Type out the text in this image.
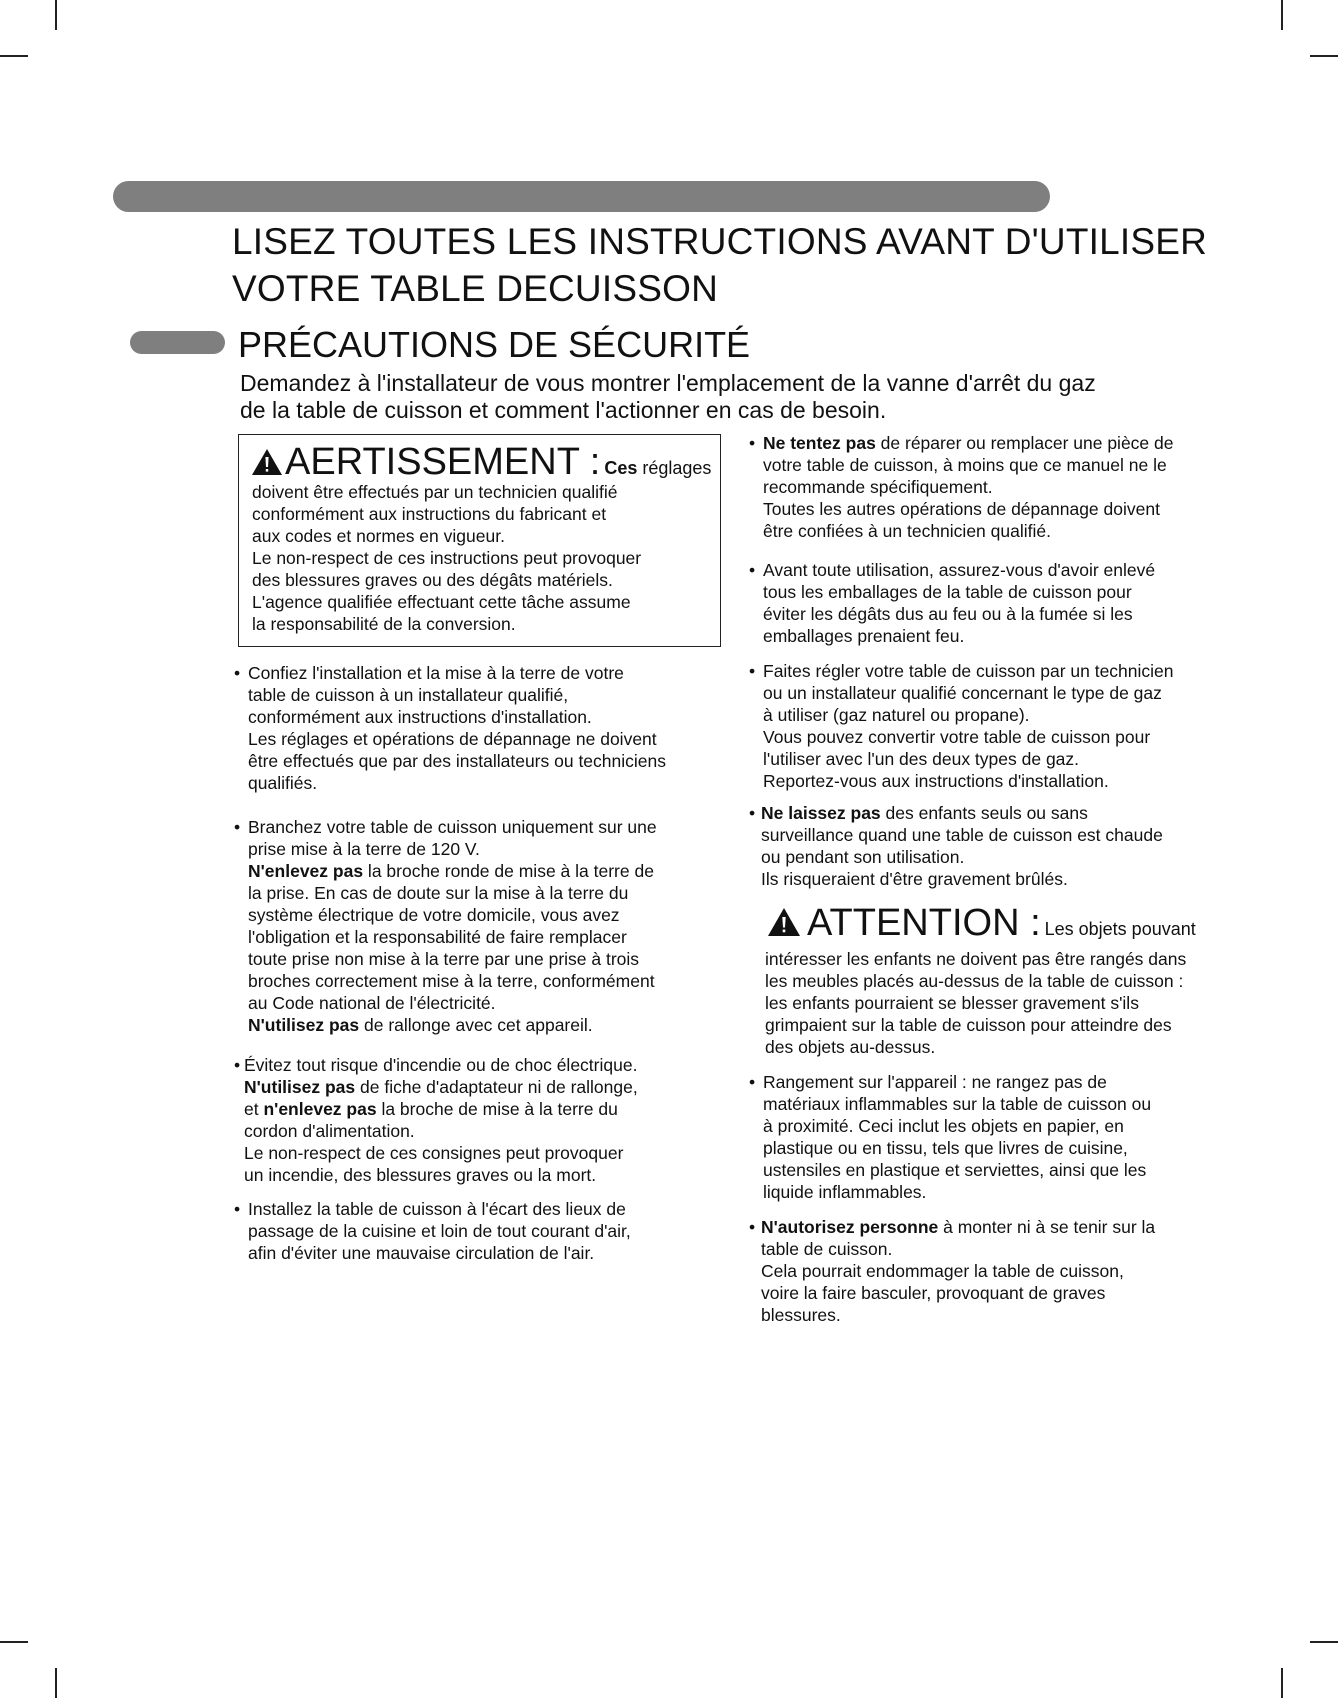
LISEZ TOUTES LES INSTRUCTIONS AVANT D'UTILISER
VOTRE TABLE DECUISSON
PRÉCAUTIONS DE SÉCURITÉ
Demandez à l'installateur de vous montrer l'emplacement de la vanne d'arrêt du gaz
de la table de cuisson et comment l'actionner en cas de besoin.
AERTISSEMENT : Ces réglages
doivent être effectués par un technicien qualifié
conformément aux instructions du fabricant et
aux codes et normes en vigueur.
Le non-respect de ces instructions peut provoquer
des blessures graves ou des dégâts matériels.
L'agence qualifiée effectuant cette tâche assume
la responsabilité de la conversion.
• Confiez l'installation et la mise à la terre de votre
table de cuisson à un installateur qualifié,
conformément aux instructions d'installation.
Les réglages et opérations de dépannage ne doivent
être effectués que par des installateurs ou techniciens
qualifiés.
• Branchez votre table de cuisson uniquement sur une
prise mise à la terre de 120 V.
N'enlevez pas la broche ronde de mise à la terre de
la prise. En cas de doute sur la mise à la terre du
système électrique de votre domicile, vous avez
l'obligation et la responsabilité de faire remplacer
toute prise non mise à la terre par une prise à trois
broches correctement mise à la terre, conformément
au Code national de l'électricité.
N'utilisez pas de rallonge avec cet appareil.
• Évitez tout risque d'incendie ou de choc électrique.
N'utilisez pas de fiche d'adaptateur ni de rallonge,
et n'enlevez pas la broche de mise à la terre du
cordon d'alimentation.
Le non-respect de ces consignes peut provoquer
un incendie, des blessures graves ou la mort.
• Installez la table de cuisson à l'écart des lieux de
passage de la cuisine et loin de tout courant d'air,
afin d'éviter une mauvaise circulation de l'air.
• Ne tentez pas de réparer ou remplacer une pièce de
votre table de cuisson, à moins que ce manuel ne le
recommande spécifiquement.
Toutes les autres opérations de dépannage doivent
être confiées à un technicien qualifié.
• Avant toute utilisation, assurez-vous d'avoir enlevé
tous les emballages de la table de cuisson pour
éviter les dégâts dus au feu ou à la fumée si les
emballages prenaient feu.
• Faites régler votre table de cuisson par un technicien
ou un installateur qualifié concernant le type de gaz
à utiliser (gaz naturel ou propane).
Vous pouvez convertir votre table de cuisson pour
l'utiliser avec l'un des deux types de gaz.
Reportez-vous aux instructions d'installation.
• Ne laissez pas des enfants seuls ou sans
surveillance quand une table de cuisson est chaude
ou pendant son utilisation.
Ils risqueraient d'être gravement brûlés.
• Rangement sur l'appareil : ne rangez pas de
matériaux inflammables sur la table de cuisson ou
à proximité. Ceci inclut les objets en papier, en
plastique ou en tissu, tels que livres de cuisine,
ustensiles en plastique et serviettes, ainsi que les
liquide inflammables.
• N'autorisez personne à monter ni à se tenir sur la
table de cuisson.
Cela pourrait endommager la table de cuisson,
voire la faire basculer, provoquant de graves
blessures.
ATTENTION : Les objets pouvant
intéresser les enfants ne doivent pas être rangés dans
les meubles placés au-dessus de la table de cuisson :
les enfants pourraient se blesser gravement s'ils
grimpaient sur la table de cuisson pour atteindre des
des objets au-dessus.
